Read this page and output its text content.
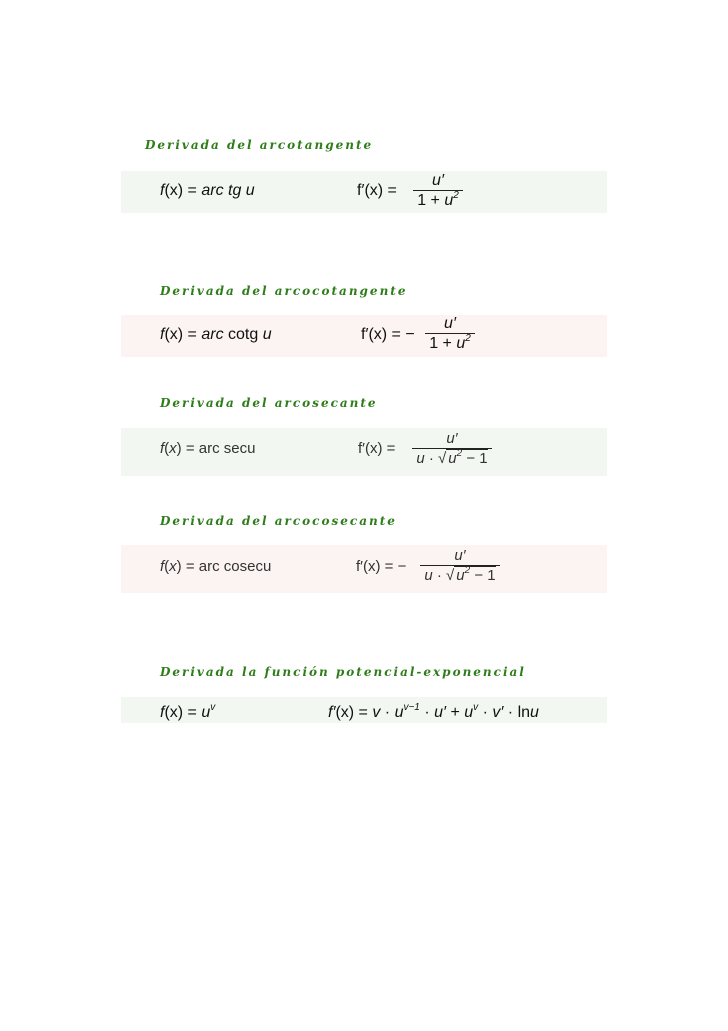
Derivada del arcotangente
f(x) = arc tg u	f′(x) =
u′
$1 + u^2$
Derivada del arcocotangente
f(x) = arc cotg u	f′(x) = −
u′
$1 + u^2$
Derivada del arcosecante
f(x) = arc secu	f′(x) =
u′
u · √ $u^2 - 1$
Derivada del arcocosecante
f(x) = arc cosecu	f′(x) = −
u′
u · √ $u^2 - 1$
Derivada la función potencial-exponencial
$f(x) = u^v$	$f'(x) = v \cdot u^{v-1} \cdot u' + u^v \cdot v' \cdot \ln u$
